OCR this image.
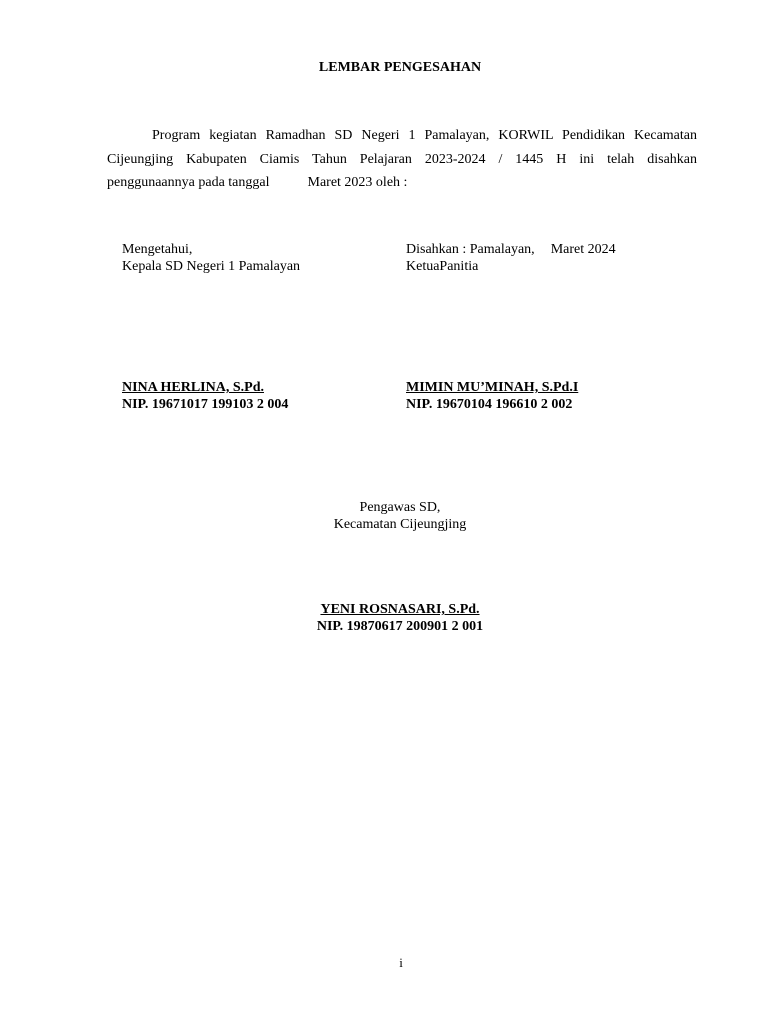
LEMBAR PENGESAHAN
Program kegiatan Ramadhan SD Negeri 1 Pamalayan, KORWIL Pendidikan Kecamatan
Cijeungjing Kabupaten Ciamis Tahun Pelajaran 2023-2024 / 1445 H ini telah disahkan
penggunaannya pada tanggal	Maret 2023 oleh :
Mengetahui,
Kepala SD Negeri 1 Pamalayan
Disahkan : Pamalayan, Maret 2024
KetuaPanitia
NINA HERLINA, S.Pd.
NIP. 19671017 199103 2 004
MIMIN MU’MINAH, S.Pd.I
NIP. 19670104 196610 2 002
Pengawas SD,
Kecamatan Cijeungjing
YENI ROSNASARI, S.Pd.
NIP. 19870617 200901 2 001
i
